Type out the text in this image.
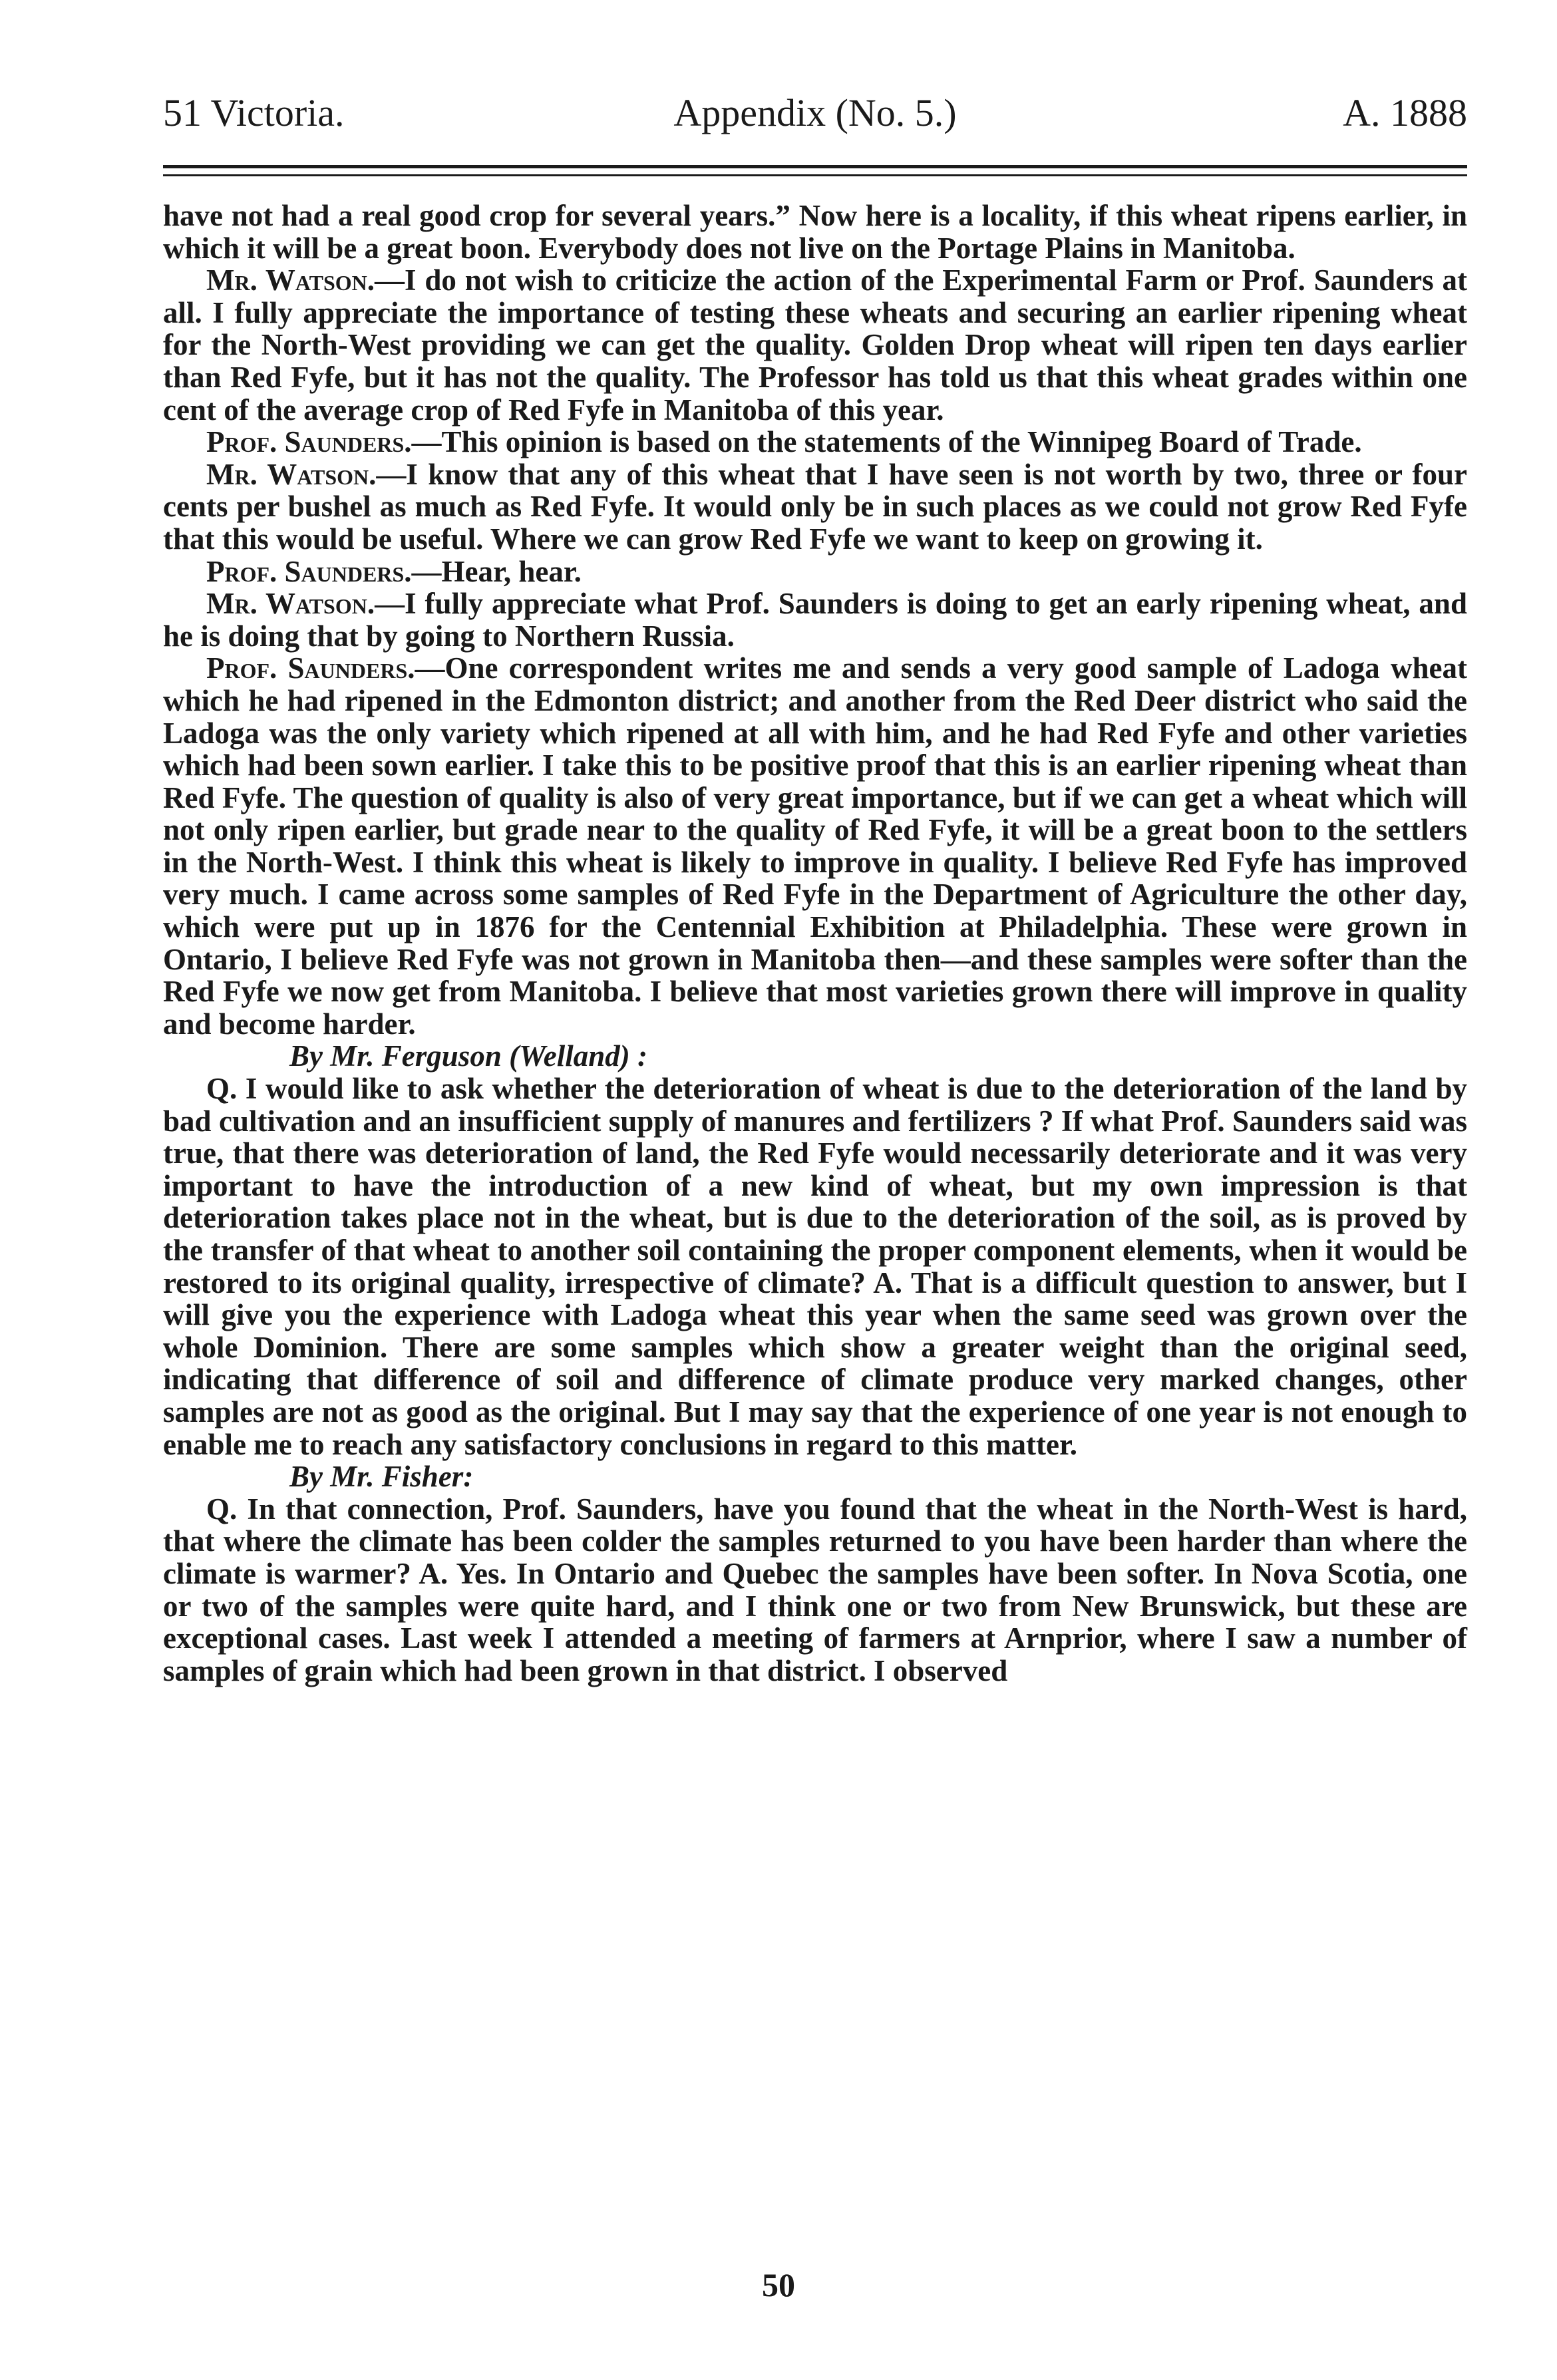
51 Victoria.	Appendix (No. 5.)	A. 1888

have not had a real good crop for several years.” Now here is a locality, if this wheat ripens earlier, in which it will be a great boon. Everybody does not live on the Portage Plains in Manitoba.

Mr. Watson.—I do not wish to criticize the action of the Experimental Farm or Prof. Saunders at all. I fully appreciate the importance of testing these wheats and securing an earlier ripening wheat for the North-West providing we can get the quality. Golden Drop wheat will ripen ten days earlier than Red Fyfe, but it has not the quality. The Professor has told us that this wheat grades within one cent of the average crop of Red Fyfe in Manitoba of this year.

Prof. Saunders.—This opinion is based on the statements of the Winnipeg Board of Trade.

Mr. Watson.—I know that any of this wheat that I have seen is not worth by two, three or four cents per bushel as much as Red Fyfe. It would only be in such places as we could not grow Red Fyfe that this would be useful. Where we can grow Red Fyfe we want to keep on growing it.

Prof. Saunders.—Hear, hear.

Mr. Watson.—I fully appreciate what Prof. Saunders is doing to get an early ripening wheat, and he is doing that by going to Northern Russia.

Prof. Saunders.—One correspondent writes me and sends a very good sample of Ladoga wheat which he had ripened in the Edmonton district; and another from the Red Deer district who said the Ladoga was the only variety which ripened at all with him, and he had Red Fyfe and other varieties which had been sown earlier. I take this to be positive proof that this is an earlier ripening wheat than Red Fyfe. The question of quality is also of very great importance, but if we can get a wheat which will not only ripen earlier, but grade near to the quality of Red Fyfe, it will be a great boon to the settlers in the North-West. I think this wheat is likely to improve in quality. I believe Red Fyfe has improved very much. I came across some samples of Red Fyfe in the Department of Agriculture the other day, which were put up in 1876 for the Centennial Exhibition at Philadelphia. These were grown in Ontario, I believe Red Fyfe was not grown in Manitoba then—and these samples were softer than the Red Fyfe we now get from Manitoba. I believe that most varieties grown there will improve in quality and become harder.

By Mr. Ferguson (Welland) :

Q. I would like to ask whether the deterioration of wheat is due to the deterioration of the land by bad cultivation and an insufficient supply of manures and fertilizers ? If what Prof. Saunders said was true, that there was deterioration of land, the Red Fyfe would necessarily deteriorate and it was very important to have the introduction of a new kind of wheat, but my own impression is that deterioration takes place not in the wheat, but is due to the deterioration of the soil, as is proved by the transfer of that wheat to another soil containing the proper component elements, when it would be restored to its original quality, irrespective of climate? A. That is a difficult question to answer, but I will give you the experience with Ladoga wheat this year when the same seed was grown over the whole Dominion. There are some samples which show a greater weight than the original seed, indicating that difference of soil and difference of climate produce very marked changes, other samples are not as good as the original. But I may say that the experience of one year is not enough to enable me to reach any satisfactory conclusions in regard to this matter.

By Mr. Fisher:

Q. In that connection, Prof. Saunders, have you found that the wheat in the North-West is hard, that where the climate has been colder the samples returned to you have been harder than where the climate is warmer? A. Yes. In Ontario and Quebec the samples have been softer. In Nova Scotia, one or two of the samples were quite hard, and I think one or two from New Brunswick, but these are exceptional cases. Last week I attended a meeting of farmers at Arnprior, where I saw a number of samples of grain which had been grown in that district. I observed

50
